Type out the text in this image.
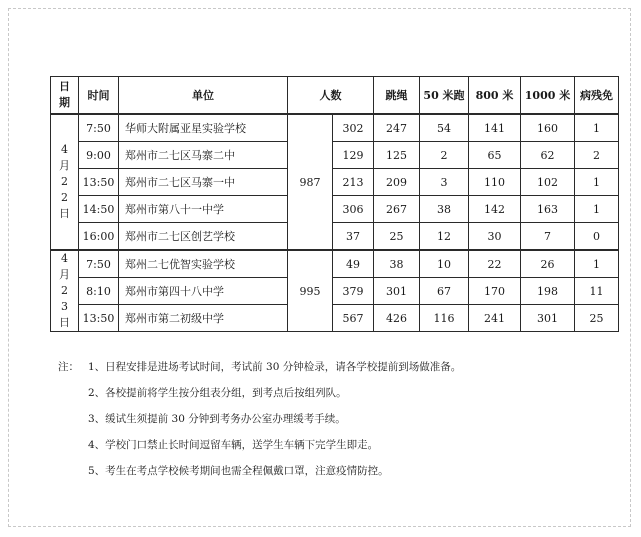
日期	时间	单位	人数		跳绳	50 米跑	800 米	1000 米	病残免
4月22日	7:50	华师大附属亚星实验学校	987	302	247	54	141	160	1
	9:00	郑州市二七区马寨二中		129	125	2	65	62	2
	13:50	郑州市二七区马寨一中		213	209	3	110	102	1
	14:50	郑州市第八十一中学		306	267	38	142	163	1
	16:00	郑州市二七区创艺学校		37	25	12	30	7	0
4月23日	7:50	郑州二七优智实验学校	995	49	38	10	22	26	1
	8:10	郑州市第四十八中学		379	301	67	170	198	11
	13:50	郑州市第二初级中学		567	426	116	241	301	25
注： 1、日程安排是进场考试时间，考试前 30 分钟检录，请各学校提前到场做准备。
2、各校提前将学生按分组表分组，到考点后按组列队。
3、缓试生须提前 30 分钟到考务办公室办理缓考手续。
4、学校门口禁止长时间逗留车辆，送学生车辆下完学生即走。
5、考生在考点学校候考期间也需全程佩戴口罩，注意疫情防控。
